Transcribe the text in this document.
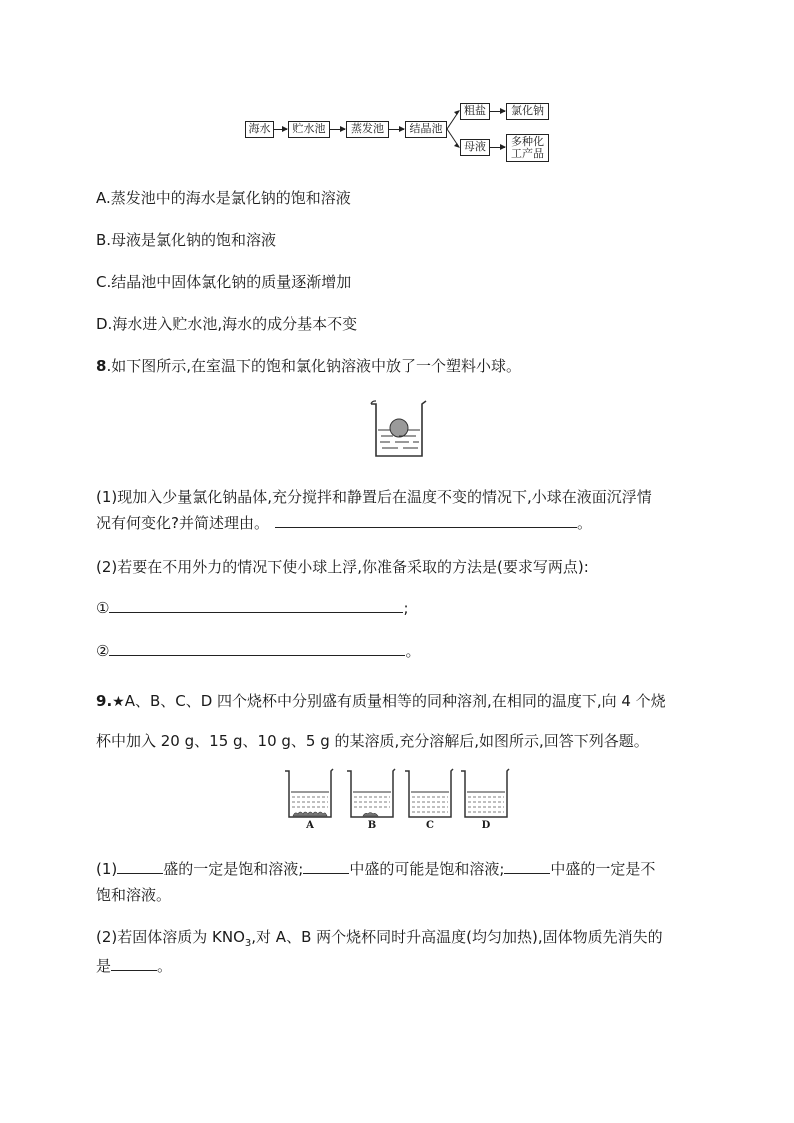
海水	贮水池	蒸发池	结晶池
粗盐	氯化钠
母液	多种化
工产品
A.蒸发池中的海水是氯化钠的饱和溶液
B.母液是氯化钠的饱和溶液
C.结晶池中固体氯化钠的质量逐渐增加
D.海水进入贮水池,海水的成分基本不变
8.如下图所示,在室温下的饱和氯化钠溶液中放了一个塑料小球。
(1)现加入少量氯化钠晶体,充分搅拌和静置后在温度不变的情况下,小球在液面沉浮情
况有何变化?并简述理由。	。
(2)若要在不用外力的情况下使小球上浮,你准备采取的方法是(要求写两点):
①	;
②	。
9.★A、B、C、D 四个烧杯中分别盛有质量相等的同种溶剂,在相同的温度下,向 4 个烧
杯中加入 20 g、15 g、10 g、5 g 的某溶质,充分溶解后,如图所示,回答下列各题。
A	B	C	D
(1)	盛的一定是饱和溶液;	中盛的可能是饱和溶液;	中盛的一定是不
饱和溶液。
(2)若固体溶质为 $KNO_3$,对 A、B 两个烧杯同时升高温度(均匀加热),固体物质先消失的
是	。
